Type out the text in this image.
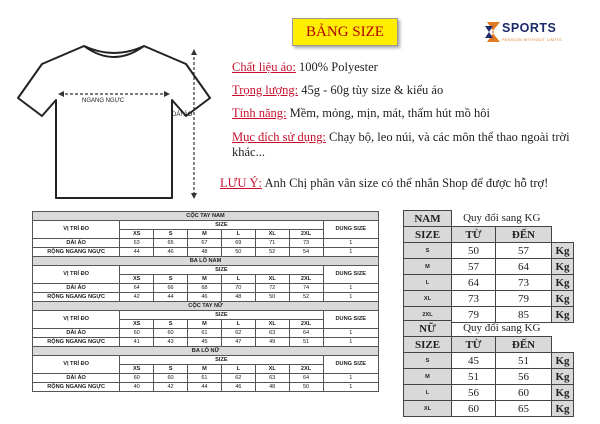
BẢNG SIZE	SPORTS
PASSION WITHOUT LIMITS
NGANG NGỰC
DÀI ÁO
Chất liệu áo: 100% Polyester
Trọng lượng: 45g - 60g tùy size & kiểu áo
Tính năng: Mềm, mỏng, mịn, mát, thấm hút mồ hôi
Mục đích sử dụng: Chạy bộ, leo núi, và các môn thể thao ngoài trời khác...
LƯU Ý: Anh Chị phân vân size có thể nhắn Shop để được hỗ trợ!
CỘC TAY NAM							
VỊ TRÍ ĐO	SIZE						DUNG SIZE
	XS	S	M	L	XL	2XL	
DÀI ÁO	63	65	67	69	71	73	1
RỘNG NGANG NGỰC	44	46	48	50	52	54	1
BA LỖ NAM							
VỊ TRÍ ĐO	SIZE						DUNG SIZE
	XS	S	M	L	XL	2XL	
DÀI ÁO	64	66	68	70	72	74	1
RỘNG NGANG NGỰC	42	44	46	48	50	52	1
CỘC TAY NỮ							
VỊ TRÍ ĐO	SIZE						DUNG SIZE
	XS	S	M	L	XL	2XL	
DÀI ÁO	60	60	61	62	63	64	1
RỘNG NGANG NGỰC	41	43	45	47	49	51	1
BA LỖ NỮ							
VỊ TRÍ ĐO	SIZE						DUNG SIZE
	XS	S	M	L	XL	2XL	
DÀI ÁO	60	60	61	62	63	64	1
RỘNG NGANG NGỰC	40	42	44	46	48	50	1
NAM	Quy đổi sang KG		
SIZE	TỪ	ĐẾN	
S	50	57	Kg
M	57	64	Kg
L	64	73	Kg
XL	73	79	Kg
2XL	79	85	Kg
NỮ	Quy đổi sang KG		
SIZE	TỪ	ĐẾN	
S	45	51	Kg
M	51	56	Kg
L	56	60	Kg
XL	60	65	Kg
